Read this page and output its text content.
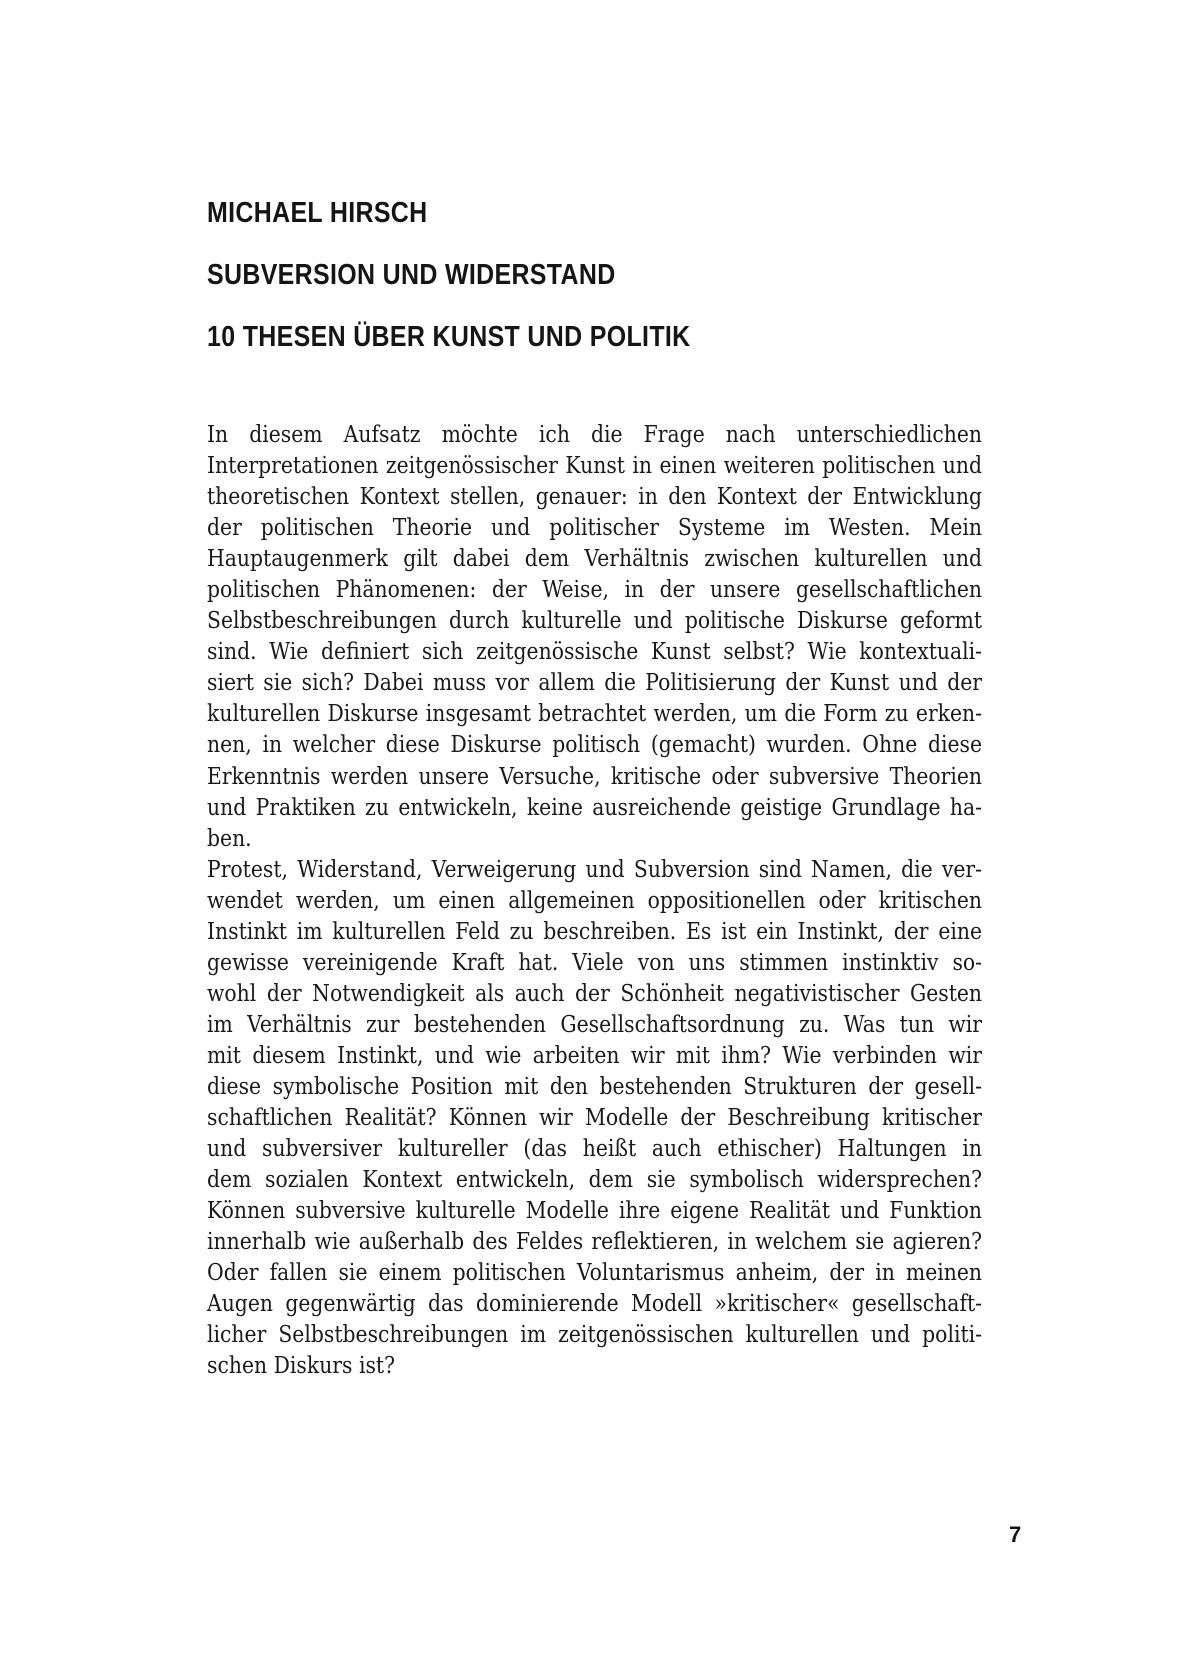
MICHAEL HIRSCH
SUBVERSION UND WIDERSTAND
10 THESEN ÜBER KUNST UND POLITIK
In diesem Aufsatz möchte ich die Frage nach unterschiedlichen
Interpretationen zeitgenössischer Kunst in einen weiteren politischen und
theoretischen Kontext stellen, genauer: in den Kontext der Entwicklung
der politischen Theorie und politischer Systeme im Westen. Mein
Hauptaugenmerk gilt dabei dem Verhältnis zwischen kulturellen und
politischen Phänomenen: der Weise, in der unsere gesellschaftlichen
Selbstbeschreibungen durch kulturelle und politische Diskurse geformt
sind. Wie definiert sich zeitgenössische Kunst selbst? Wie kontextuali-
siert sie sich? Dabei muss vor allem die Politisierung der Kunst und der
kulturellen Diskurse insgesamt betrachtet werden, um die Form zu erken-
nen, in welcher diese Diskurse politisch (gemacht) wurden. Ohne diese
Erkenntnis werden unsere Versuche, kritische oder subversive Theorien
und Praktiken zu entwickeln, keine ausreichende geistige Grundlage ha-
ben.
Protest, Widerstand, Verweigerung und Subversion sind Namen, die ver-
wendet werden, um einen allgemeinen oppositionellen oder kritischen
Instinkt im kulturellen Feld zu beschreiben. Es ist ein Instinkt, der eine
gewisse vereinigende Kraft hat. Viele von uns stimmen instinktiv so-
wohl der Notwendigkeit als auch der Schönheit negativistischer Gesten
im Verhältnis zur bestehenden Gesellschaftsordnung zu. Was tun wir
mit diesem Instinkt, und wie arbeiten wir mit ihm? Wie verbinden wir
diese symbolische Position mit den bestehenden Strukturen der gesell-
schaftlichen Realität? Können wir Modelle der Beschreibung kritischer
und subversiver kultureller (das heißt auch ethischer) Haltungen in
dem sozialen Kontext entwickeln, dem sie symbolisch widersprechen?
Können subversive kulturelle Modelle ihre eigene Realität und Funktion
innerhalb wie außerhalb des Feldes reflektieren, in welchem sie agieren?
Oder fallen sie einem politischen Voluntarismus anheim, der in meinen
Augen gegenwärtig das dominierende Modell »kritischer« gesellschaft-
licher Selbstbeschreibungen im zeitgenössischen kulturellen und politi-
schen Diskurs ist?
7
